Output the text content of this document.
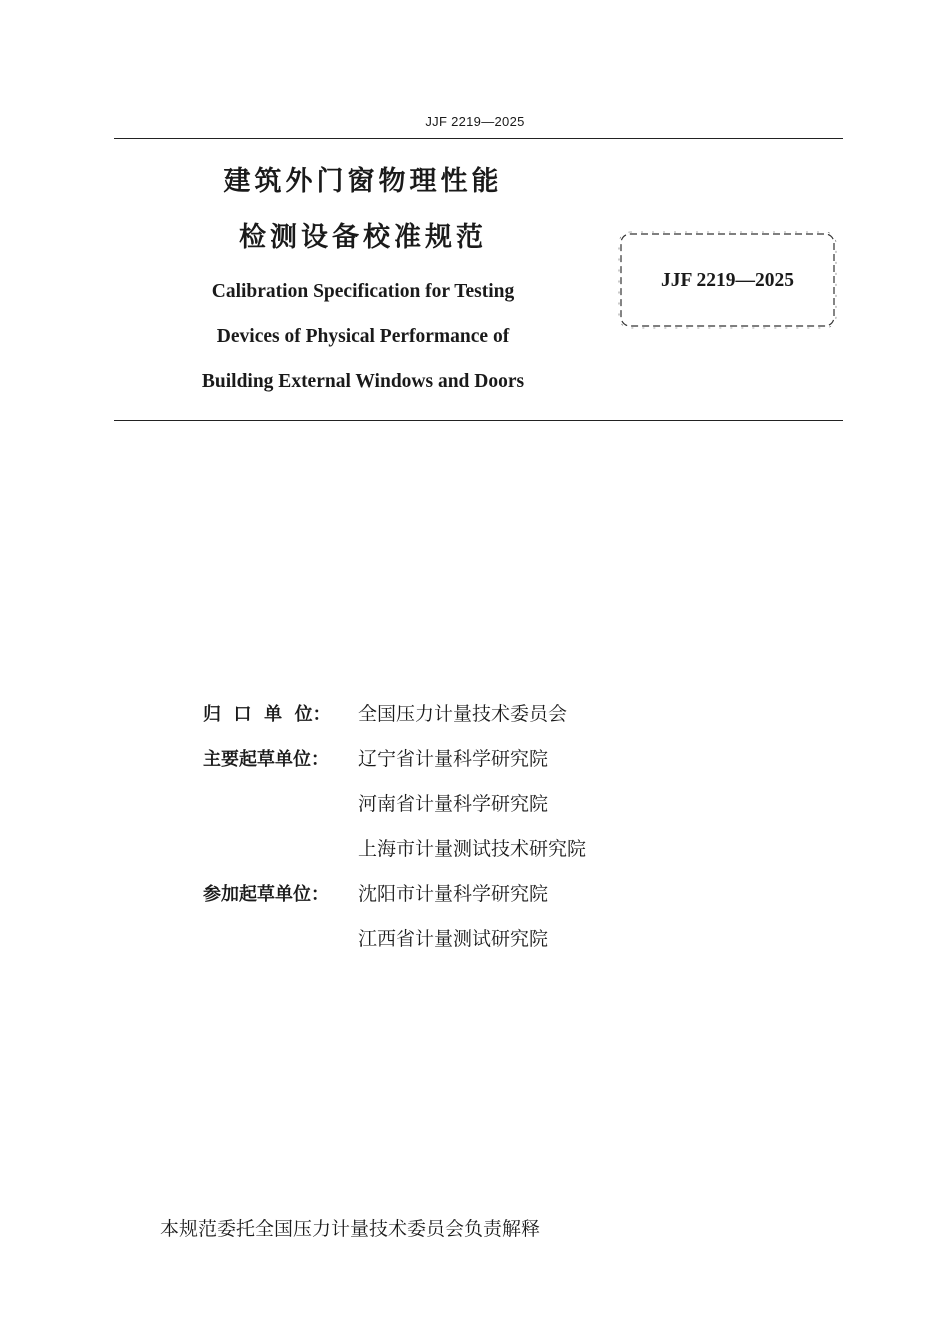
JJF 2219—2025
建筑外门窗物理性能
检测设备校准规范
Calibration Specification for Testing
Devices of Physical Performance of
Building External Windows and Doors
JJF 2219—2025
归  口  单  位：	全国压力计量技术委员会
主要起草单位：	辽宁省计量科学研究院
河南省计量科学研究院
上海市计量测试技术研究院
参加起草单位：	沈阳市计量科学研究院
江西省计量测试研究院
本规范委托全国压力计量技术委员会负责解释
